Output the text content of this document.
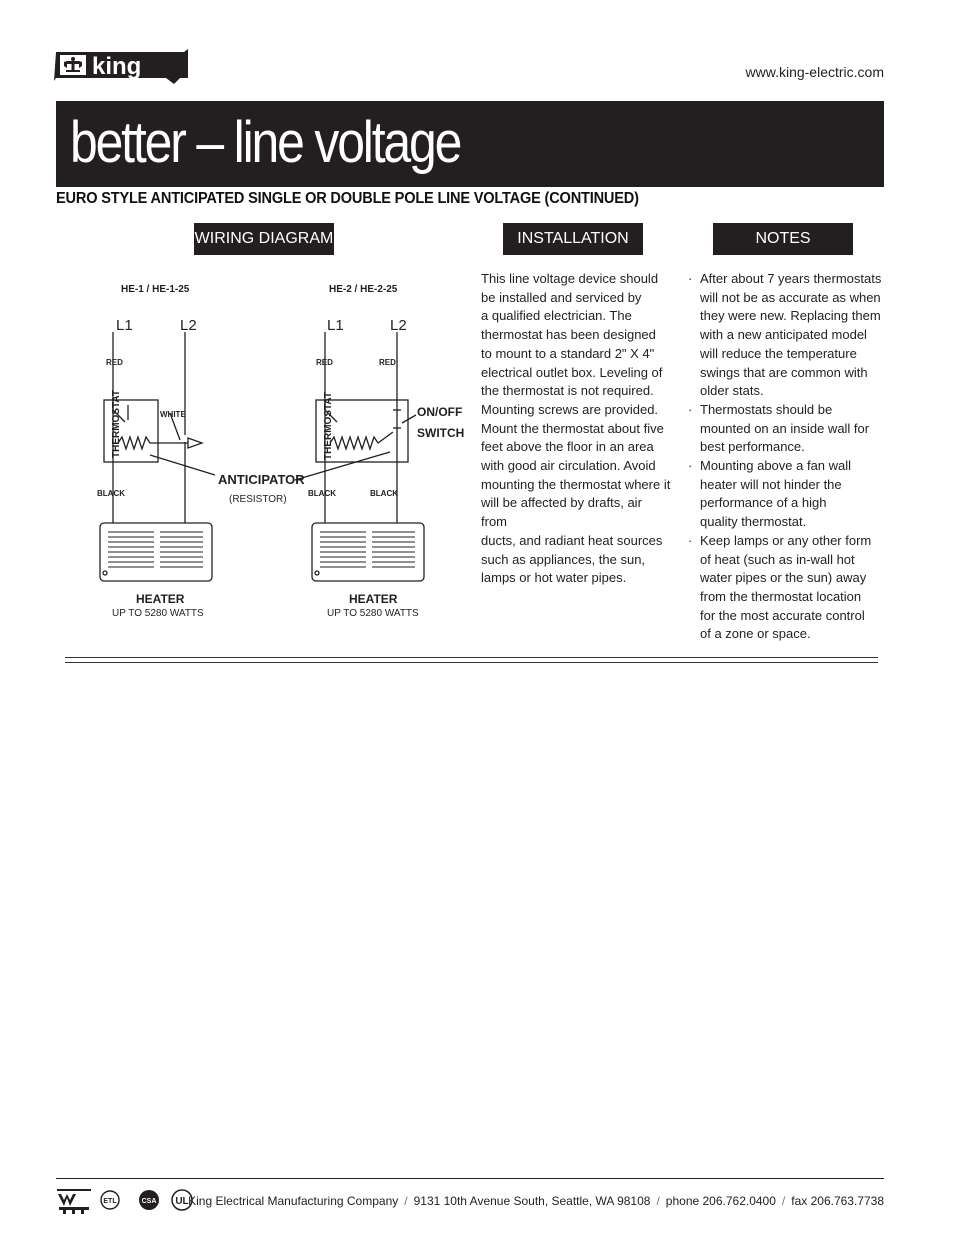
king	www.king-electric.com
better – line voltage
EURO STYLE ANTICIPATED SINGLE OR DOUBLE POLE LINE VOLTAGE (CONTINUED)
WIRING DIAGRAM	INSTALLATION	NOTES
HE-1 / HE-1-25
L1	L2
RED
WHITE
THERMOSTAT
ANTICIPATOR
(RESISTOR)
BLACK
HEATER
UP TO 5280 WATTS
HE-2 / HE-2-25
L1	L2
RED	RED
THERMOSTAT	ON/OFF
SWITCH
BLACK	BLACK
HEATER
UP TO 5280 WATTS
This line voltage device should
be installed and serviced by
a qualified electrician. The
thermostat has been designed
to mount to a standard 2" X 4"
electrical outlet box. Leveling of
the thermostat is not required.
Mounting screws are provided.
Mount the thermostat about five
feet above the floor in an area
with good air circulation. Avoid
mounting the thermostat where it
will be affected by drafts, air from
ducts, and radiant heat sources
such as appliances, the sun,
lamps or hot water pipes.
· After about 7 years thermostats
will not be as accurate as when
they were new. Replacing them
with a new anticipated model
will reduce the temperature
swings that are common with
older stats.
· Thermostats should be
mounted on an inside wall for
best performance.
· Mounting above a fan wall
heater will not hinder the
performance of a high
quality thermostat.
· Keep lamps or any other form
of heat (such as in-wall hot
water pipes or the sun) away
from the thermostat location
for the most accurate control
of a zone or space.
ETL	CSA UL King Electrical Manufacturing Company / 9131 10th Avenue South, Seattle, WA 98108 / phone 206.762.0400 / fax 206.763.7738
